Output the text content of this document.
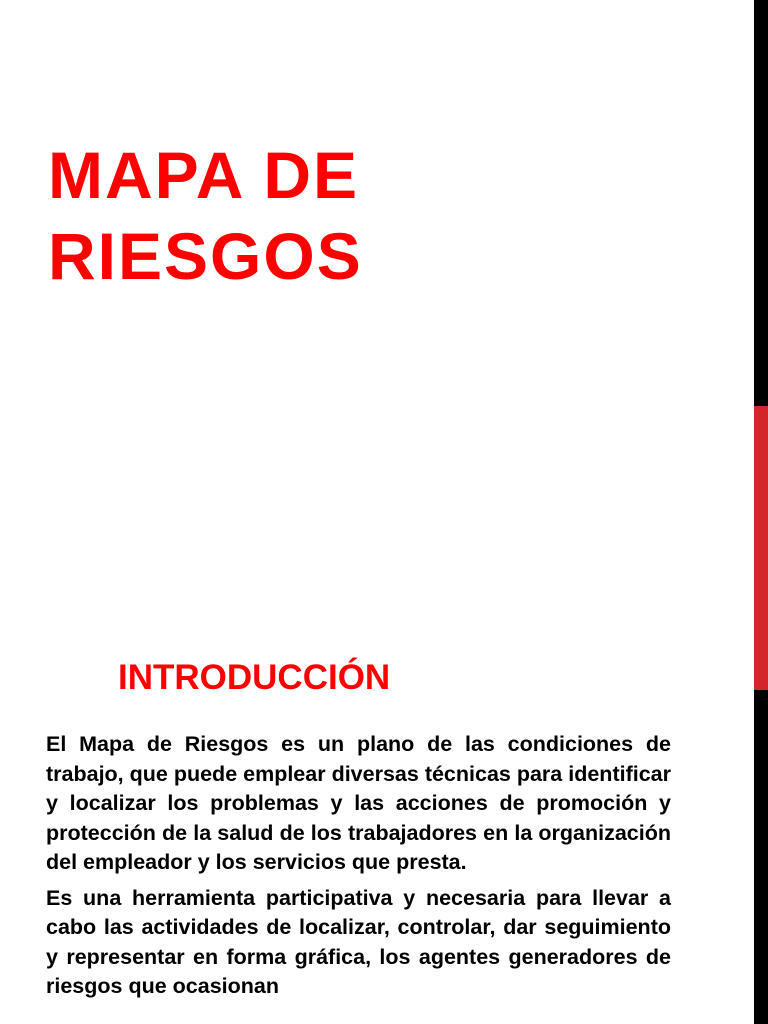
MAPA DE
RIESGOS
INTRODUCCIÓN

El Mapa de Riesgos es un plano de las condiciones de trabajo, que puede emplear diversas técnicas para identificar y localizar los problemas y las acciones de promoción y protección de la salud de los trabajadores en la organización del empleador y los servicios que presta.

Es una herramienta participativa y necesaria para llevar a cabo las actividades de localizar, controlar, dar seguimiento y representar en forma gráfica, los agentes generadores de riesgos que ocasionan
